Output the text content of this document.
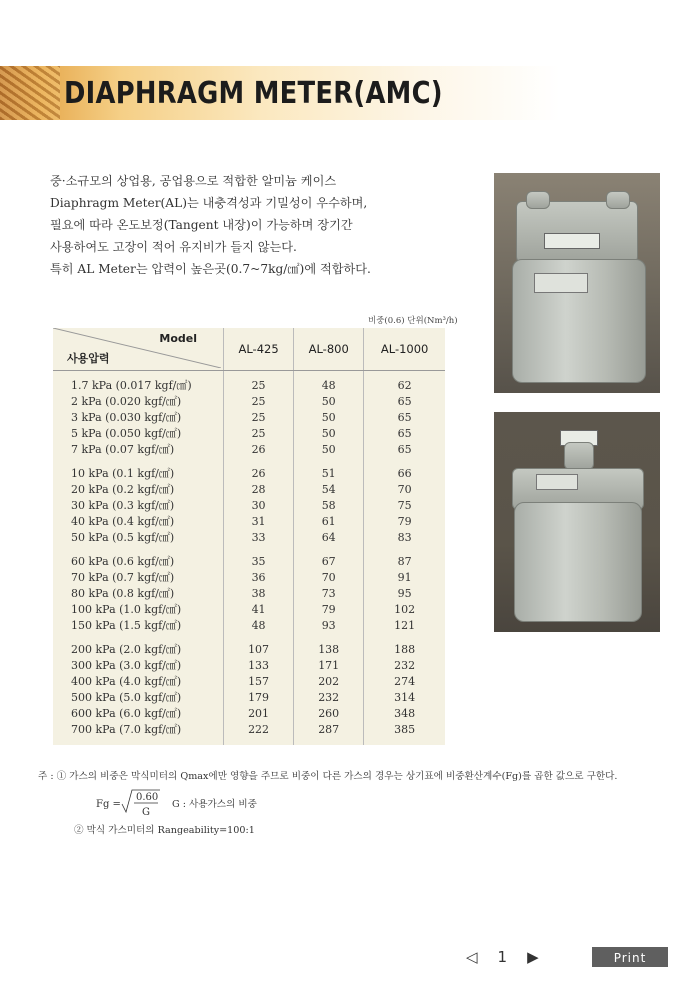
DIAPHRAGM METER(AMC)
중·소규모의 상업용, 공업용으로 적합한 알미늄 케이스
Diaphragm Meter(AL)는 내충격성과 기밀성이 우수하며,
필요에 따라 온도보정(Tangent 내장)이 가능하며 장기간
사용하여도 고장이 적어 유지비가 들지 않는다.
특히 AL Meter는 압력이 높은곳(0.7~7kg/㎠)에 적합하다.
비중(0.6) 단위(Nm³/h)
Model
사용압력	AL-425	AL-800	AL-1000
1.7 kPa (0.017 kgf/㎠)	25	48	62
2 kPa (0.020 kgf/㎠)	25	50	65
3 kPa (0.030 kgf/㎠)	25	50	65
5 kPa (0.050 kgf/㎠)	25	50	65
7 kPa (0.07 kgf/㎠)	26	50	65

10 kPa (0.1 kgf/㎠)	26	51	66
20 kPa (0.2 kgf/㎠)	28	54	70
30 kPa (0.3 kgf/㎠)	30	58	75
40 kPa (0.4 kgf/㎠)	31	61	79
50 kPa (0.5 kgf/㎠)	33	64	83

60 kPa (0.6 kgf/㎠)	35	67	87
70 kPa (0.7 kgf/㎠)	36	70	91
80 kPa (0.8 kgf/㎠)	38	73	95
100 kPa (1.0 kgf/㎠)	41	79	102
150 kPa (1.5 kgf/㎠)	48	93	121

200 kPa (2.0 kgf/㎠)	107	138	188
300 kPa (3.0 kgf/㎠)	133	171	232
400 kPa (4.0 kgf/㎠)	157	202	274
500 kPa (5.0 kgf/㎠)	179	232	314
600 kPa (6.0 kgf/㎠)	201	260	348
700 kPa (7.0 kgf/㎠)	222	287	385
주 : ① 가스의 비중은 막식미터의 Qmax에만 영향을 주므로 비중이 다른 가스의 경우는 상기표에 비중환산계수(Fg)를 곱한 값으로 구한다.
Fg =
0.60
G
G : 사용가스의 비중
② 막식 가스미터의 Rangeability=100:1
◁ 1 ▶	Print
